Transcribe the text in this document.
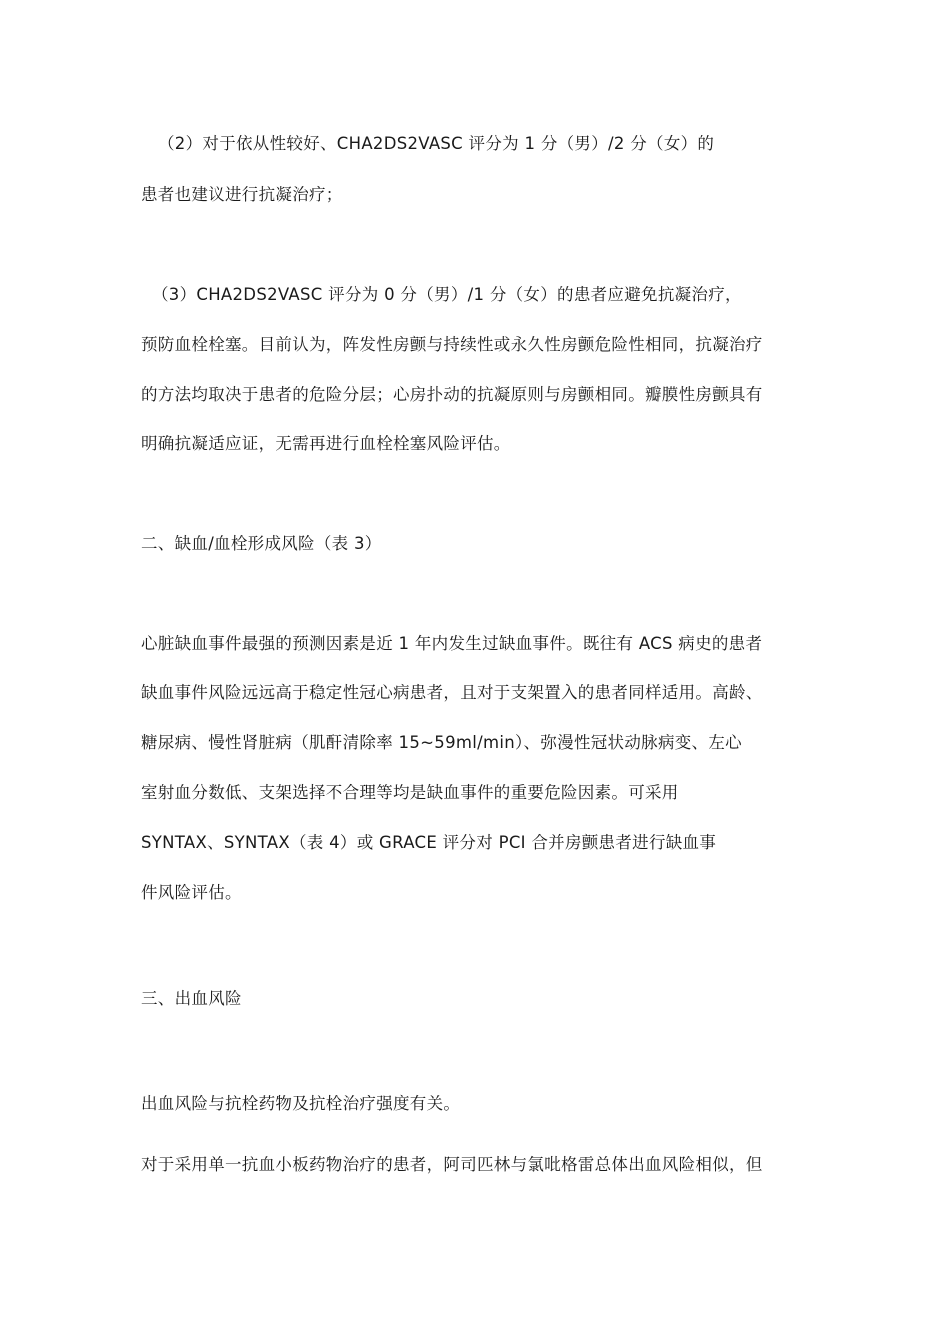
（2）对于依从性较好、CHA2DS2VASC 评分为 1 分（男）/2 分（女）的
患者也建议进行抗凝治疗；
（3）CHA2DS2VASC 评分为 0 分（男）/1 分（女）的患者应避免抗凝治疗，
预防血栓栓塞。目前认为，阵发性房颤与持续性或永久性房颤危险性相同，抗凝治疗
的方法均取决于患者的危险分层；心房扑动的抗凝原则与房颤相同。瓣膜性房颤具有
明确抗凝适应证，无需再进行血栓栓塞风险评估。
二、缺血/血栓形成风险（表 3）
心脏缺血事件最强的预测因素是近 1 年内发生过缺血事件。既往有 ACS 病史的患者
缺血事件风险远远高于稳定性冠心病患者，且对于支架置入的患者同样适用。高龄、
糖尿病、慢性肾脏病（肌酐清除率 15~59ml/min）、弥漫性冠状动脉病变、左心
室射血分数低、支架选择不合理等均是缺血事件的重要危险因素。可采用
SYNTAX、SYNTAX（表 4）或 GRACE 评分对 PCI 合并房颤患者进行缺血事
件风险评估。
三、出血风险
出血风险与抗栓药物及抗栓治疗强度有关。
对于采用单一抗血小板药物治疗的患者，阿司匹林与氯吡格雷总体出血风险相似，但
